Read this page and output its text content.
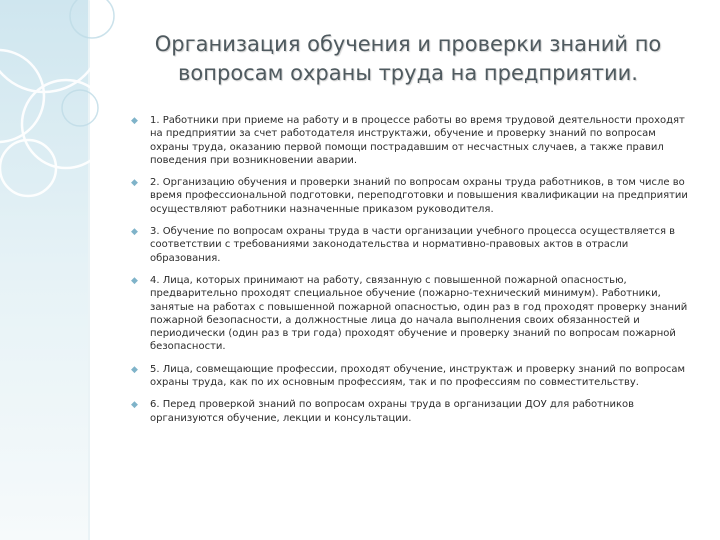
Организация обучения и проверки знаний по вопросам охраны труда на предприятии.
◆ 1. Работники при приеме на работу и в процессе работы во время трудовой деятельности проходят на предприятии за счет работодателя инструктажи, обучение и проверку знаний по вопросам охраны труда, оказанию первой помощи пострадавшим от несчастных случаев, а также правил поведения при возникновении аварии.
◆ 2. Организацию обучения и проверки знаний по вопросам охраны труда работников, в том числе во время профессиональной подготовки, переподготовки и повышения квалификации на предприятии осуществляют работники назначенные приказом руководителя.
◆ 3. Обучение по вопросам охраны труда в части организации учебного процесса осуществляется в соответствии с требованиями законодательства и нормативно-правовых актов в отрасли образования.
◆ 4. Лица, которых принимают на работу, связанную с повышенной пожарной опасностью, предварительно проходят специальное обучение (пожарно-технический минимум). Работники, занятые на работах с повышенной пожарной опасностью, один раз в год проходят проверку знаний пожарной безопасности, а должностные лица до начала выполнения своих обязанностей и периодически (один раз в три года) проходят обучение и проверку знаний по вопросам пожарной безопасности.
◆ 5. Лица, совмещающие профессии, проходят обучение, инструктаж и проверку знаний по вопросам охраны труда, как по их основным профессиям, так и по профессиям по совместительству.
◆ 6. Перед проверкой знаний по вопросам охраны труда в организации ДОУ для работников организуются обучение, лекции и консультации.
